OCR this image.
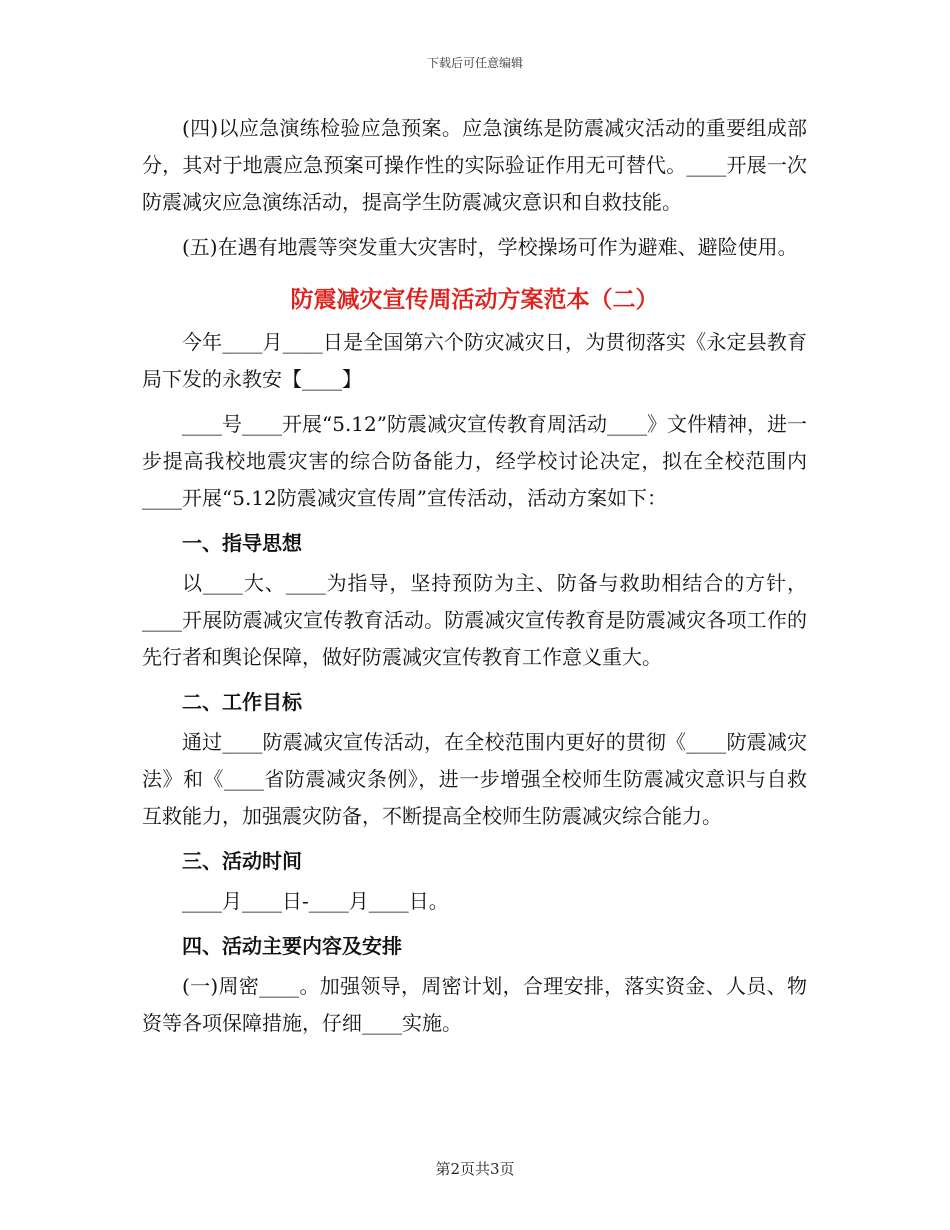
下载后可任意编辑

(四)以应急演练检验应急预案。应急演练是防震减灾活动的重要组成部分，其对于地震应急预案可操作性的实际验证作用无可替代。____开展一次防震减灾应急演练活动，提高学生防震减灾意识和自救技能。

(五)在遇有地震等突发重大灾害时，学校操场可作为避难、避险使用。

防震减灾宣传周活动方案范本（二）

今年____月____日是全国第六个防灾减灾日，为贯彻落实《永定县教育局下发的永教安【____】

____号____开展“5.12”防震减灾宣传教育周活动____》文件精神，进一步提高我校地震灾害的综合防备能力，经学校讨论决定，拟在全校范围内____开展“5.12防震减灾宣传周”宣传活动，活动方案如下：

一、指导思想

以____大、____为指导，坚持预防为主、防备与救助相结合的方针，____开展防震减灾宣传教育活动。防震减灾宣传教育是防震减灾各项工作的先行者和舆论保障，做好防震减灾宣传教育工作意义重大。

二、工作目标

通过____防震减灾宣传活动，在全校范围内更好的贯彻《____防震减灾法》和《____省防震减灾条例》，进一步增强全校师生防震减灾意识与自救互救能力，加强震灾防备，不断提高全校师生防震减灾综合能力。

三、活动时间

____月____日-____月____日。

四、活动主要内容及安排

(一)周密____。加强领导，周密计划，合理安排，落实资金、人员、物资等各项保障措施，仔细____实施。

第2页共3页
